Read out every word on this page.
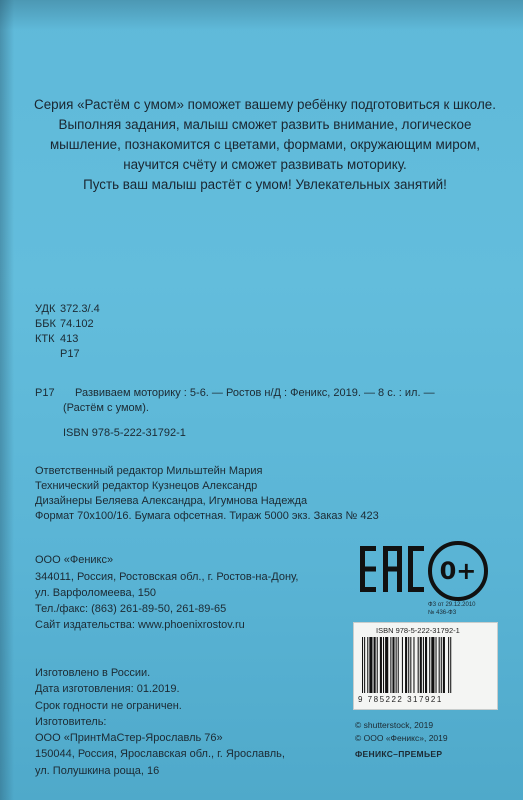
Серия «Растём с умом» поможет вашему ребёнку подготовиться к школе.
Выполняя задания, малыш сможет развить внимание, логическое
мышление, познакомится с цветами, формами, окружающим миром,
научится счёту и сможет развивать моторику.
Пусть ваш малыш растёт с умом! Увлекательных занятий!
УДК 372.3/.4
ББК 74.102
КТК 413
Р17
Р17 Развиваем моторику : 5-6. — Ростов н/Д : Феникс, 2019. — 8 с. : ил. —
(Растём с умом).
ISBN 978-5-222-31792-1
Ответственный редактор Мильштейн Мария
Технический редактор Кузнецов Александр
Дизайнеры Беляева Александра, Игумнова Надежда
Формат 70х100/16. Бумага офсетная. Тираж 5000 экз. Заказ № 423
ООО «Феникс»
344011, Россия, Ростовская обл., г. Ростов-на-Дону,
ул. Варфоломеева, 150
Тел./факс: (863) 261-89-50, 261-89-65
Сайт издательства: www.phoenixrostov.ru
Изготовлено в России.
Дата изготовления: 01.2019.
Срок годности не ограничен.
Изготовитель:
ООО «ПринтМаСтер-Ярославль 76»
150044, Россия, Ярославская обл., г. Ярославль,
ул. Полушкина роща, 16
0+
ФЗ от 29.12.2010
№ 436-ФЗ
ISBN 978-5-222-31792-1
9 785222 317921
© shutterstock, 2019
© ООО «Феникс», 2019
ФЕНИКС–ПРЕМЬЕР
